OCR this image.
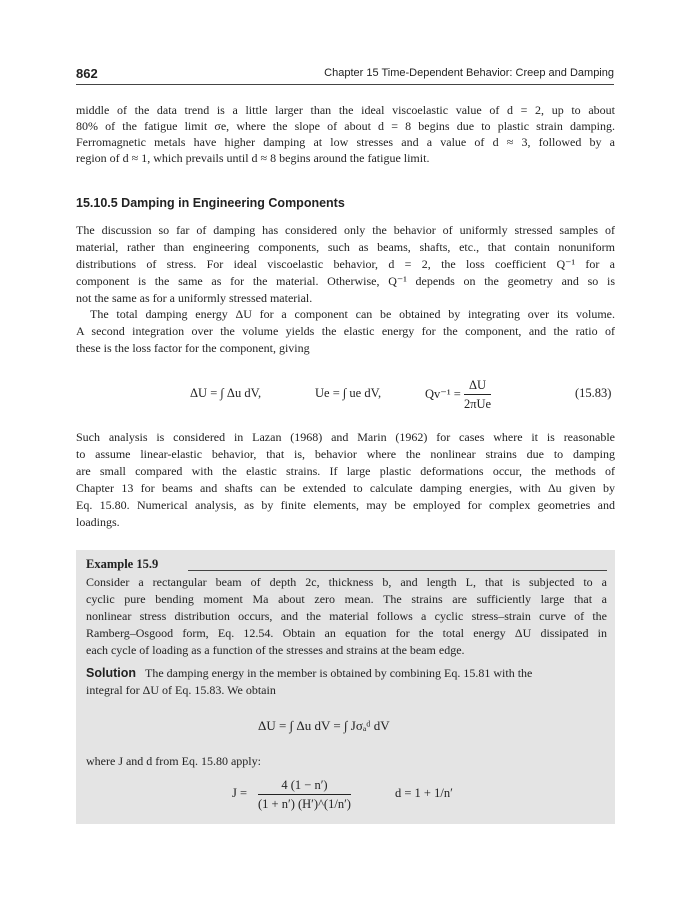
862	Chapter 15 Time-Dependent Behavior: Creep and Damping
middle of the data trend is a little larger than the ideal viscoelastic value of d = 2, up to about
80% of the fatigue limit σe, where the slope of about d = 8 begins due to plastic strain damping.
Ferromagnetic metals have higher damping at low stresses and a value of d ≈ 3, followed by a
region of d ≈ 1, which prevails until d ≈ 8 begins around the fatigue limit.
15.10.5 Damping in Engineering Components
The discussion so far of damping has considered only the behavior of uniformly stressed samples of
material, rather than engineering components, such as beams, shafts, etc., that contain nonuniform
distributions of stress. For ideal viscoelastic behavior, d = 2, the loss coefficient Q⁻¹ for a
component is the same as for the material. Otherwise, Q⁻¹ depends on the geometry and so is
not the same as for a uniformly stressed material.
The total damping energy ΔU for a component can be obtained by integrating over its volume.
A second integration over the volume yields the elastic energy for the component, and the ratio of
these is the loss factor for the component, giving
ΔU = ∫ Δu dV,	Ue = ∫ ue dV,	$Qv^{-1} = \frac{\Delta U}{\text{2πUe}}$	(15.83)
Such analysis is considered in Lazan (1968) and Marin (1962) for cases where it is reasonable
to assume linear-elastic behavior, that is, behavior where the nonlinear strains due to damping
are small compared with the elastic strains. If large plastic deformations occur, the methods of
Chapter 13 for beams and shafts can be extended to calculate damping energies, with Δu given by
Eq. 15.80. Numerical analysis, as by finite elements, may be employed for complex geometries and
loadings.
Example 15.9
Consider a rectangular beam of depth 2c, thickness b, and length L, that is subjected to a
cyclic pure bending moment Ma about zero mean. The strains are sufficiently large that a
nonlinear stress distribution occurs, and the material follows a cyclic stress–strain curve of the
Ramberg–Osgood form, Eq. 12.54. Obtain an equation for the total energy ΔU dissipated in
each cycle of loading as a function of the stresses and strains at the beam edge.
Solution The damping energy in the member is obtained by combining Eq. 15.81 with the
integral for ΔU of Eq. 15.83. We obtain
ΔU = ∫ Δu dV = ∫ Jσₐᵈ dV
where J and d from Eq. 15.80 apply:
$J = \frac{4 (1 - n')}{(1 + n') (H')\^{}(1/n')}$	d = 1 + 1/n′
